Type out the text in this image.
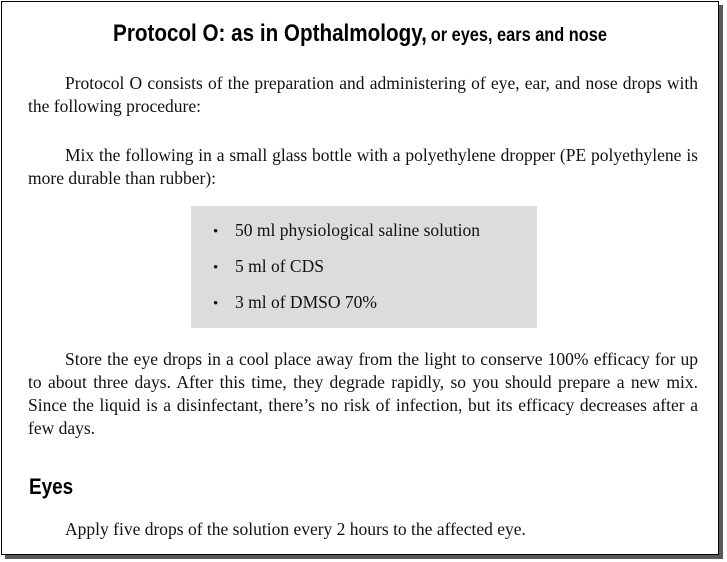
Protocol O: as in Opthalmology, or eyes, ears and nose

Protocol O consists of the preparation and administering of eye, ear, and nose drops with the following procedure:

Mix the following in a small glass bottle with a polyethylene dropper (PE polyethylene is more durable than rubber):

• 50 ml physiological saline solution
• 5 ml of CDS
• 3 ml of DMSO 70%

Store the eye drops in a cool place away from the light to conserve 100% efficacy for up to about three days. After this time, they degrade rapidly, so you should prepare a new mix. Since the liquid is a disinfectant, there’s no risk of infection, but its efficacy decreases after a few days.

Eyes

Apply five drops of the solution every 2 hours to the affected eye.
